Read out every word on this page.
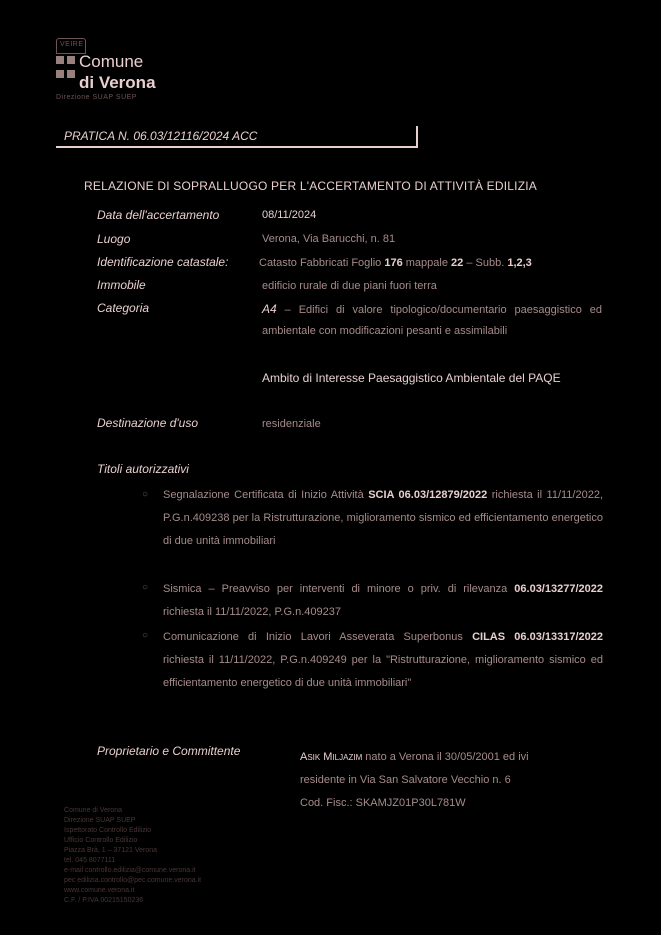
VEIRE
Comune
di Verona
Direzione SUAP SUEP
PRATICA N. 06.03/12116/2024 ACC
RELAZIONE DI SOPRALLUOGO PER L'ACCERTAMENTO DI ATTIVITÀ EDILIZIA
Data dell'accertamento	08/11/2024
Luogo	Verona, Via Barucchi, n. 81
Identificazione catastale:	Catasto Fabbricati Foglio 176 mappale 22 – Subb. 1,2,3
Immobile	edificio rurale di due piani fuori terra
Categoria	A4 – Edifici di valore tipologico/documentario paesaggistico ed ambientale con modificazioni pesanti e assimilabili
Ambito di Interesse Paesaggistico Ambientale del PAQE
Destinazione d'uso	residenziale
Titoli autorizzativi
○ Segnalazione Certificata di Inizio Attività SCIA 06.03/12879/2022 richiesta il 11/11/2022, P.G.n.409238 per la Ristrutturazione, miglioramento sismico ed efficientamento energetico di due unità immobiliari
○ Sismica – Preavviso per interventi di minore o priv. di rilevanza 06.03/13277/2022 richiesta il 11/11/2022, P.G.n.409237
○ Comunicazione di Inizio Lavori Asseverata Superbonus CILAS 06.03/13317/2022 richiesta il 11/11/2022, P.G.n.409249 per la "Ristrutturazione, miglioramento sismico ed efficientamento energetico di due unità immobiliari"
Proprietario e Committente	Asik Miljazim nato a Verona il 30/05/2001 ed ivi
residente in Via San Salvatore Vecchio n. 6
Cod. Fisc.: SKAMJZ01P30L781W
Comune di Verona
Direzione SUAP SUEP
Ispettorato Controllo Edilizio
Ufficio Controllo Edilizio
Piazza Brà, 1 – 37121 Verona
tel. 045 8077111
e-mail controllo.edilizia@comune.verona.it
pec edilizia.controllo@pec.comune.verona.it
www.comune.verona.it
C.F. / P.IVA 00215150236
